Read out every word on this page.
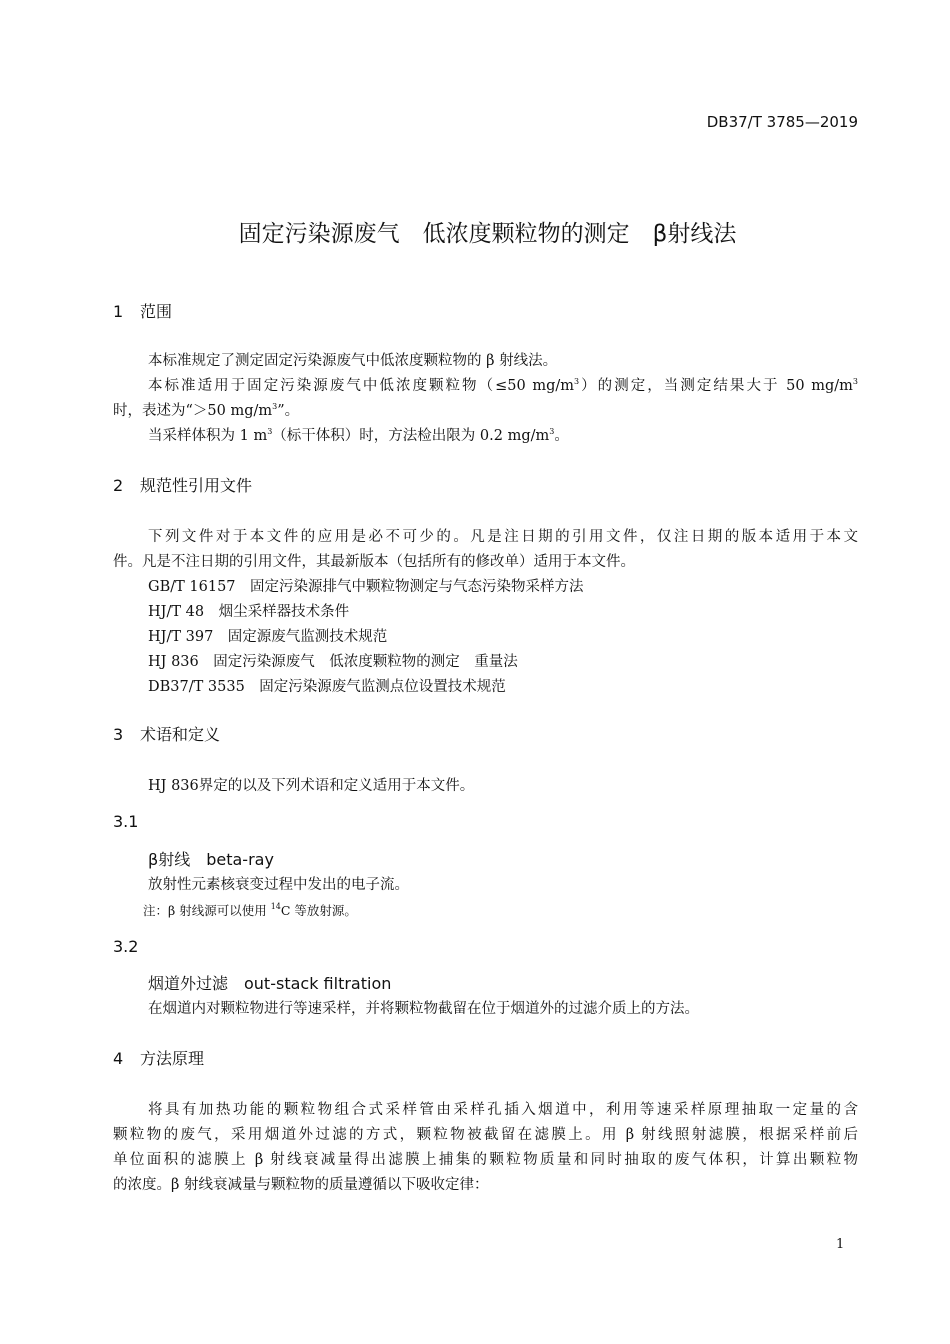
DB37/T 3785—2019
固定污染源废气　低浓度颗粒物的测定　β射线法
1 范围
本标准规定了测定固定污染源废气中低浓度颗粒物的 β 射线法。
本标准适用于固定污染源废气中低浓度颗粒物（≤50 $mg/m^3$）的测定，当测定结果大于 50 $mg/m^3$
时，表述为“＞50 $mg/m^3$”。
当采样体积为 1 $m^3$（标干体积）时，方法检出限为 0.2 $mg/m^3$。
2 规范性引用文件
下列文件对于本文件的应用是必不可少的。凡是注日期的引用文件，仅注日期的版本适用于本文
件。凡是不注日期的引用文件，其最新版本（包括所有的修改单）适用于本文件。
GB/T 16157　固定污染源排气中颗粒物测定与气态污染物采样方法
HJ/T 48　烟尘采样器技术条件
HJ/T 397　固定源废气监测技术规范
HJ 836　固定污染源废气　低浓度颗粒物的测定　重量法
DB37/T 3535　固定污染源废气监测点位设置技术规范
3 术语和定义
HJ 836界定的以及下列术语和定义适用于本文件。
3.1
β射线　beta-ray
放射性元素核衰变过程中发出的电子流。
注：β 射线源可以使用 $^{14}$C 等放射源。
3.2
烟道外过滤　out-stack filtration
在烟道内对颗粒物进行等速采样，并将颗粒物截留在位于烟道外的过滤介质上的方法。
4 方法原理
将具有加热功能的颗粒物组合式采样管由采样孔插入烟道中，利用等速采样原理抽取一定量的含
颗粒物的废气，采用烟道外过滤的方式，颗粒物被截留在滤膜上。用 β 射线照射滤膜，根据采样前后
单位面积的滤膜上 β 射线衰减量得出滤膜上捕集的颗粒物质量和同时抽取的废气体积，计算出颗粒物
的浓度。β 射线衰减量与颗粒物的质量遵循以下吸收定律：
1
